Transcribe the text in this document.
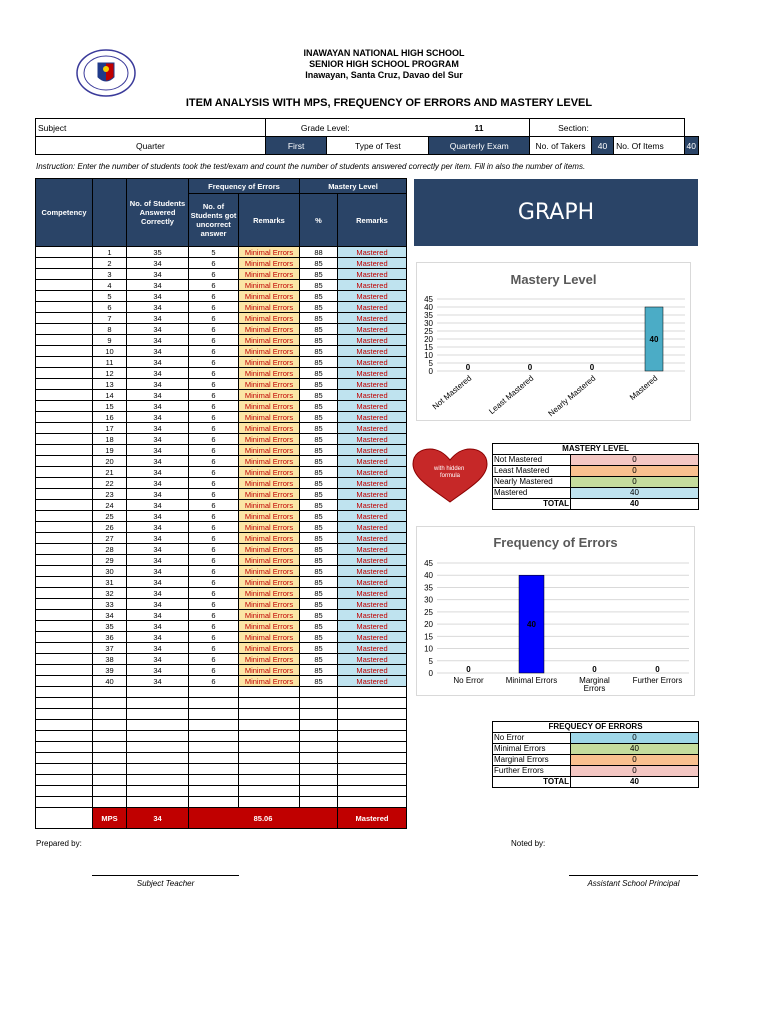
INAWAYAN NATIONAL HIGH SCHOOL
SENIOR HIGH SCHOOL PROGRAM
Inawayan, Santa Cruz, Davao del Sur
ITEM ANALYSIS WITH MPS, FREQUENCY OF ERRORS AND MASTERY LEVEL
Subject	Grade Level:		11	Section:			
Quarter	First	Type of Test	Quarterly Exam	No. of Takers	40	No. Of Items	40
Instruction: Enter the number of students took the test/exam and count the number of students answered correctly per item. Fill in also the number of items.
Competency		No. of Students Answered Correctly	Frequency of Errors		Mastery Level	
			No. of Students got uncorrect answer	Remarks	%	Remarks
	1	35	5	Minimal Errors	88	Mastered
	2	34	6	Minimal Errors	85	Mastered
	3	34	6	Minimal Errors	85	Mastered
	4	34	6	Minimal Errors	85	Mastered
	5	34	6	Minimal Errors	85	Mastered
	6	34	6	Minimal Errors	85	Mastered
	7	34	6	Minimal Errors	85	Mastered
	8	34	6	Minimal Errors	85	Mastered
	9	34	6	Minimal Errors	85	Mastered
	10	34	6	Minimal Errors	85	Mastered
	11	34	6	Minimal Errors	85	Mastered
	12	34	6	Minimal Errors	85	Mastered
	13	34	6	Minimal Errors	85	Mastered
	14	34	6	Minimal Errors	85	Mastered
	15	34	6	Minimal Errors	85	Mastered
	16	34	6	Minimal Errors	85	Mastered
	17	34	6	Minimal Errors	85	Mastered
	18	34	6	Minimal Errors	85	Mastered
	19	34	6	Minimal Errors	85	Mastered
	20	34	6	Minimal Errors	85	Mastered
	21	34	6	Minimal Errors	85	Mastered
	22	34	6	Minimal Errors	85	Mastered
	23	34	6	Minimal Errors	85	Mastered
	24	34	6	Minimal Errors	85	Mastered
	25	34	6	Minimal Errors	85	Mastered
	26	34	6	Minimal Errors	85	Mastered
	27	34	6	Minimal Errors	85	Mastered
	28	34	6	Minimal Errors	85	Mastered
	29	34	6	Minimal Errors	85	Mastered
	30	34	6	Minimal Errors	85	Mastered
	31	34	6	Minimal Errors	85	Mastered
	32	34	6	Minimal Errors	85	Mastered
	33	34	6	Minimal Errors	85	Mastered
	34	34	6	Minimal Errors	85	Mastered
	35	34	6	Minimal Errors	85	Mastered
	36	34	6	Minimal Errors	85	Mastered
	37	34	6	Minimal Errors	85	Mastered
	38	34	6	Minimal Errors	85	Mastered
	39	34	6	Minimal Errors	85	Mastered
	40	34	6	Minimal Errors	85	Mastered

	MPS	34	85.06			Mastered
GRAPH
Mastery Level
0
5
10
15
20
25
30
35
40
45
0
Not Mastered
0
Least Mastered
0
Nearly Mastered
40
Mastered
with hidden formula
MASTERY LEVEL	
Not Mastered	0
Least Mastered	0
Nearly Mastered	0
Mastered	40
TOTAL	40
Frequency of Errors
0
5
10
15
20
25
30
35
40
45
0
No Error
40
Minimal Errors
0
Marginal Errors
0
Further Errors
FREQUECY OF ERRORS	
No Error	0
Minimal Errors	40
Marginal Errors	0
Further Errors	0
TOTAL	40
Prepared by:	Noted by:
Subject Teacher	Assistant School Principal
